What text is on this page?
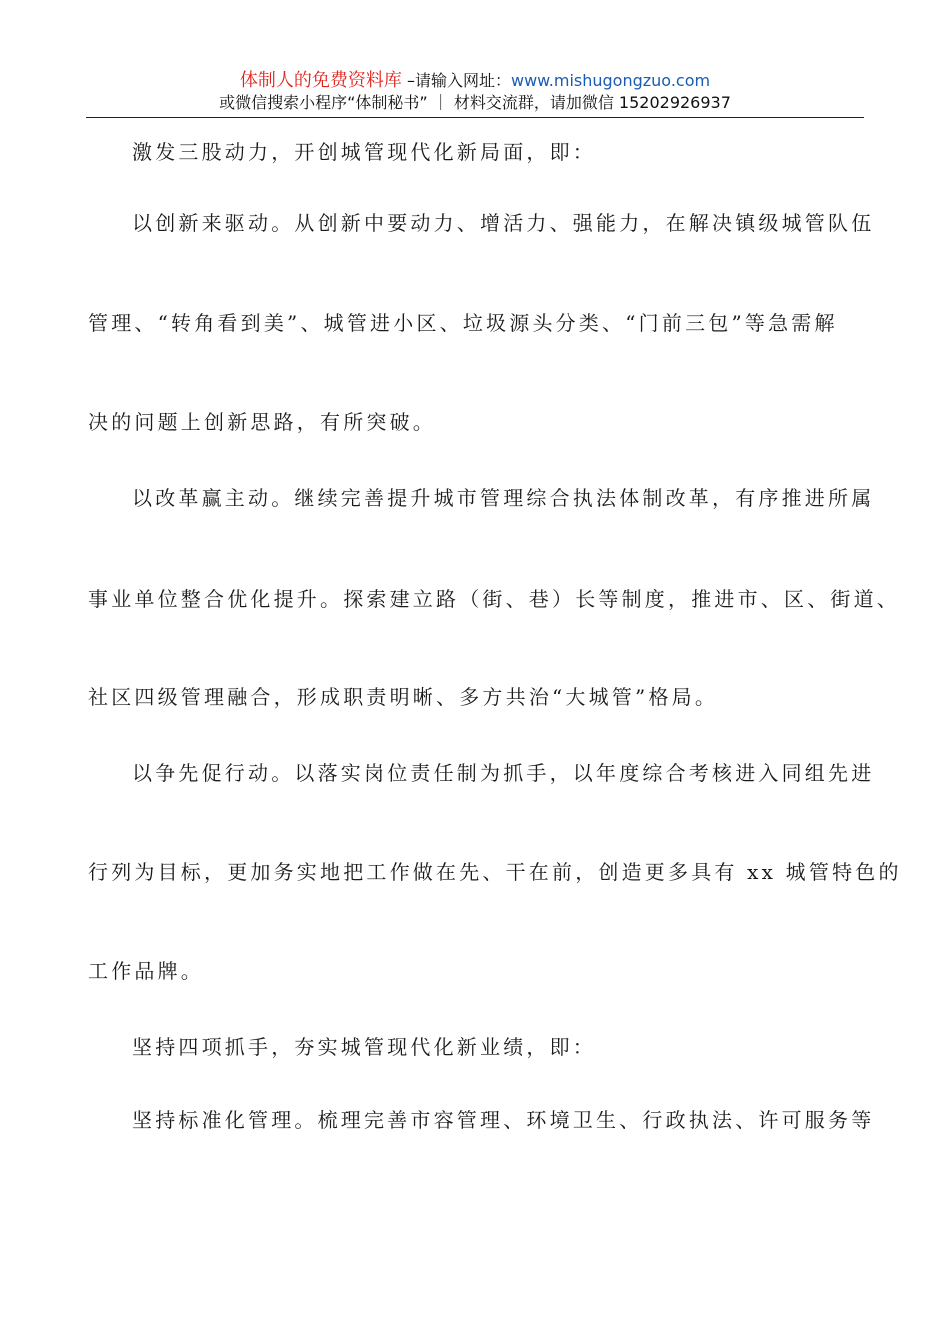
体制人的免费资料库 –请输入网址：www.mishugongzuo.com
或微信搜索小程序“体制秘书” ｜ 材料交流群，请加微信 15202926937
激发三股动力，开创城管现代化新局面，即：
以创新来驱动。从创新中要动力、增活力、强能力，在解决镇级城管队伍
管理、“转角看到美”、城管进小区、垃圾源头分类、“门前三包”等急需解
决的问题上创新思路，有所突破。
以改革赢主动。继续完善提升城市管理综合执法体制改革，有序推进所属
事业单位整合优化提升。探索建立路（街、巷）长等制度，推进市、区、街道、
社区四级管理融合，形成职责明晰、多方共治“大城管”格局。
以争先促行动。以落实岗位责任制为抓手，以年度综合考核进入同组先进
行列为目标，更加务实地把工作做在先、干在前，创造更多具有 xx 城管特色的
工作品牌。
坚持四项抓手，夯实城管现代化新业绩，即：
坚持标准化管理。梳理完善市容管理、环境卫生、行政执法、许可服务等
